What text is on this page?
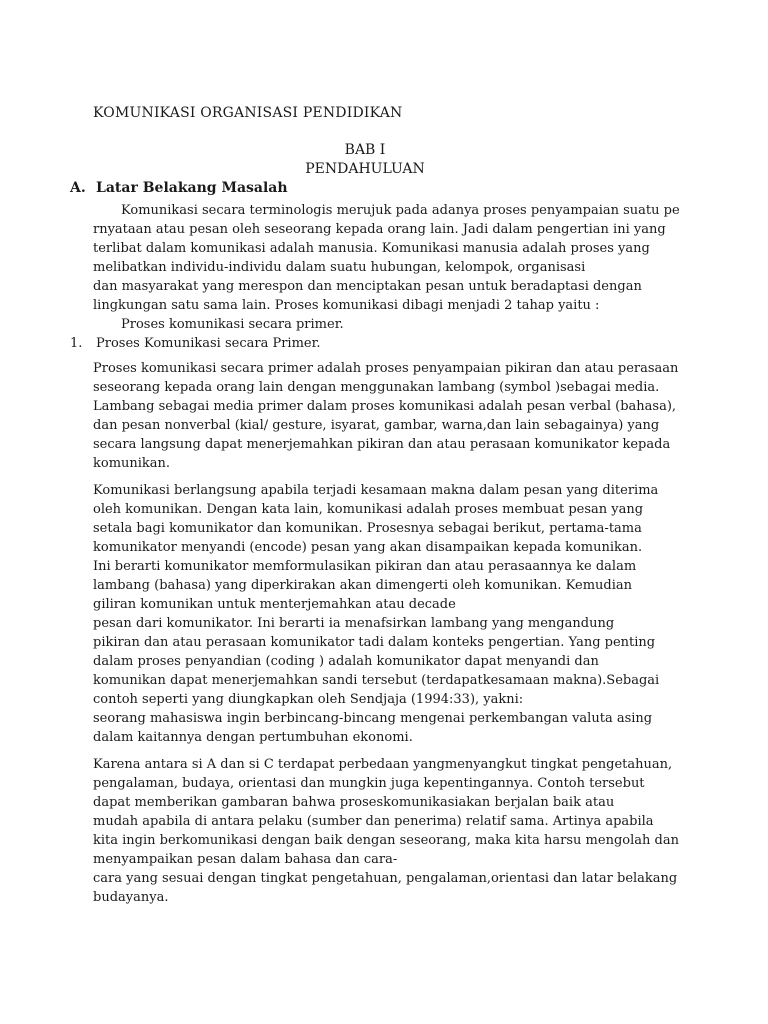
KOMUNIKASI ORGANISASI PENDIDIKAN
BAB I
PENDAHULUAN
A. Latar Belakang Masalah
Komunikasi secara terminologis merujuk pada adanya proses penyampaian suatu pe
rnyataan atau pesan oleh seseorang kepada orang lain. Jadi dalam pengertian ini yang
terlibat dalam komunikasi adalah manusia. Komunikasi manusia adalah proses yang
melibatkan individu-individu dalam suatu hubungan, kelompok, organisasi
dan masyarakat yang merespon dan menciptakan pesan untuk beradaptasi dengan
lingkungan satu sama lain. Proses komunikasi dibagi menjadi 2 tahap yaitu :
Proses komunikasi secara primer.
1. Proses Komunikasi secara Primer.
Proses komunikasi secara primer adalah proses penyampaian pikiran dan atau perasaan
seseorang kepada orang lain dengan menggunakan lambang (symbol )sebagai media.
Lambang sebagai media primer dalam proses komunikasi adalah pesan verbal (bahasa),
dan pesan nonverbal (kial/ gesture, isyarat, gambar, warna,dan lain sebagainya) yang
secara langsung dapat menerjemahkan pikiran dan atau perasaan komunikator kepada
komunikan.
Komunikasi berlangsung apabila terjadi kesamaan makna dalam pesan yang diterima
oleh komunikan. Dengan kata lain, komunikasi adalah proses membuat pesan yang
setala bagi komunikator dan komunikan. Prosesnya sebagai berikut, pertama-tama
komunikator menyandi (encode) pesan yang akan disampaikan kepada komunikan.
Ini berarti komunikator memformulasikan pikiran dan atau perasaannya ke dalam
lambang (bahasa) yang diperkirakan akan dimengerti oleh komunikan. Kemudian
giliran komunikan untuk menterjemahkan atau decade
pesan dari komunikator. Ini berarti ia menafsirkan lambang yang mengandung
pikiran dan atau perasaan komunikator tadi dalam konteks pengertian. Yang penting
dalam proses penyandian (coding ) adalah komunikator dapat menyandi dan
komunikan dapat menerjemahkan sandi tersebut (terdapatkesamaan makna).Sebagai
contoh seperti yang diungkapkan oleh Sendjaja (1994:33), yakni:
seorang mahasiswa ingin berbincang-bincang mengenai perkembangan valuta asing
dalam kaitannya dengan pertumbuhan ekonomi.
Karena antara si A dan si C terdapat perbedaan yangmenyangkut tingkat pengetahuan,
pengalaman, budaya, orientasi dan mungkin juga kepentingannya. Contoh tersebut
dapat memberikan gambaran bahwa proseskomunikasiakan berjalan baik atau
mudah apabila di antara pelaku (sumber dan penerima) relatif sama. Artinya apabila
kita ingin berkomunikasi dengan baik dengan seseorang, maka kita harsu mengolah dan
menyampaikan pesan dalam bahasa dan cara-
cara yang sesuai dengan tingkat pengetahuan, pengalaman,orientasi dan latar belakang
budayanya.
